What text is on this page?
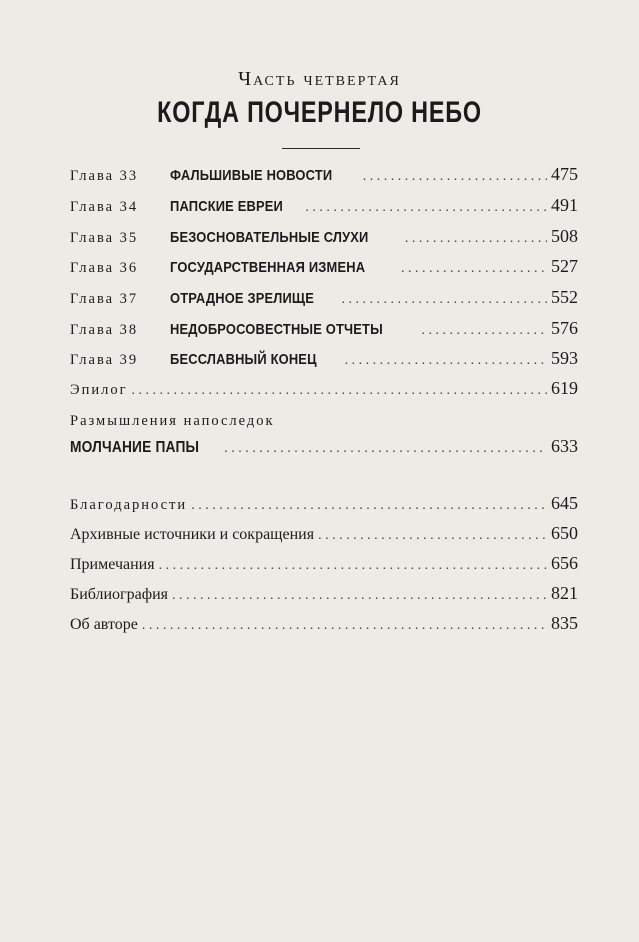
Часть четвертая
КОГДА ПОЧЕРНЕЛО НЕБО
Глава 33	ФАЛЬШИВЫЕ НОВОСТИ . . .	475
Глава 34	ПАПСКИЕ ЕВРЕИ . . .	491
Глава 35	БЕЗОСНОВАТЕЛЬНЫЕ СЛУХИ . . .	508
Глава 36	ГОСУДАРСТВЕННАЯ ИЗМЕНА . . .	527
Глава 37	ОТРАДНОЕ ЗРЕЛИЩЕ . . .	552
Глава 38	НЕДОБРОСОВЕСТНЫЕ ОТЧЕТЫ . . .	576
Глава 39	БЕССЛАВНЫЙ КОНЕЦ . . .	593
Эпилог . . .	619
Размышления напоследок
МОЛЧАНИЕ ПАПЫ . . .	633
Благодарности . . .	645
Архивные источники и сокращения . . .	650
Примечания . . .	656
Библиография . . .	821
Об авторе . . .	835
